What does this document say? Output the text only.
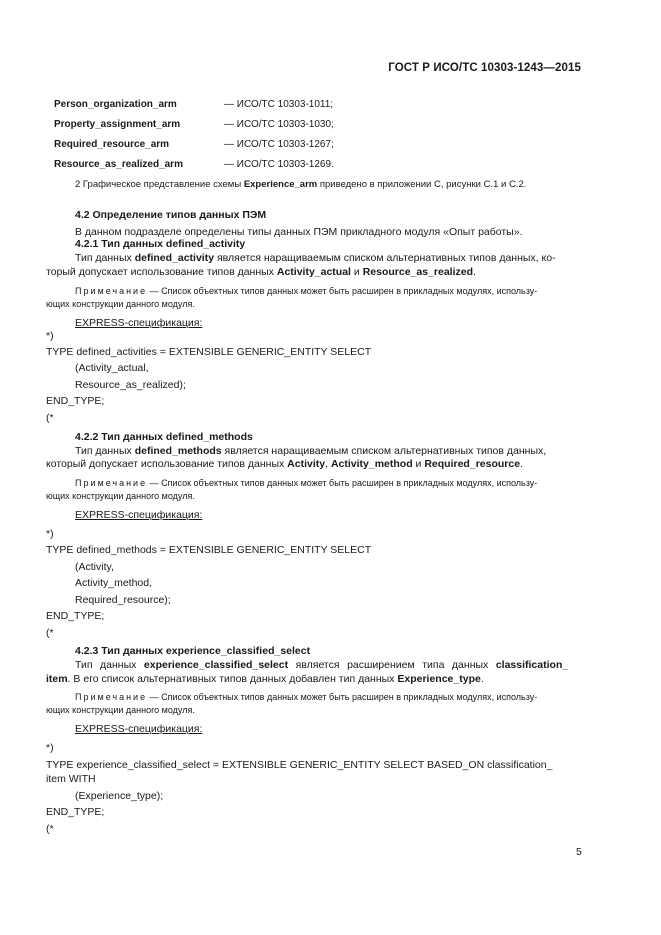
ГОСТ Р ИСО/ТС 10303-1243—2015
Person_organization_arm	— ИСО/ТС 10303-1011;
Property_assignment_arm	— ИСО/ТС 10303-1030;
Required_resource_arm	— ИСО/ТС 10303-1267;
Resource_as_realized_arm	— ИСО/ТС 10303-1269.
2 Графическое представление схемы Experience_arm приведено в приложении С, рисунки С.1 и С.2.
4.2 Определение типов данных ПЭМ
В данном подразделе определены типы данных ПЭМ прикладного модуля «Опыт работы».
4.2.1 Тип данных defined_activity
Тип данных defined_activity является наращиваемым списком альтернативных типов данных, ко-
торый допускает использование типов данных Activity_actual и Resource_as_realized.
Примечание — Список объектных типов данных может быть расширен в прикладных модулях, использу-
ющих конструкции данного модуля.
EXPRESS-спецификация:
*)
TYPE defined_activities = EXTENSIBLE GENERIC_ENTITY SELECT
(Activity_actual,
Resource_as_realized);
END_TYPE;
(*
4.2.2 Тип данных defined_methods
Тип данных defined_methods является наращиваемым списком альтернативных типов данных,
который допускает использование типов данных Activity, Activity_method и Required_resource.
Примечание — Список объектных типов данных может быть расширен в прикладных модулях, использу-
ющих конструкции данного модуля.
EXPRESS-спецификация:
*)
TYPE defined_methods = EXTENSIBLE GENERIC_ENTITY SELECT
(Activity,
Activity_method,
Required_resource);
END_TYPE;
(*
4.2.3 Тип данных experience_classified_select
Тип данных experience_classified_select является расширением типа данных classification_
item. В его список альтернативных типов данных добавлен тип данных Experience_type.
Примечание — Список объектных типов данных может быть расширен в прикладных модулях, использу-
ющих конструкции данного модуля.
EXPRESS-спецификация:
*)
TYPE experience_classified_select = EXTENSIBLE GENERIC_ENTITY SELECT BASED_ON classification_
item WITH
(Experience_type);
END_TYPE;
(*
5
